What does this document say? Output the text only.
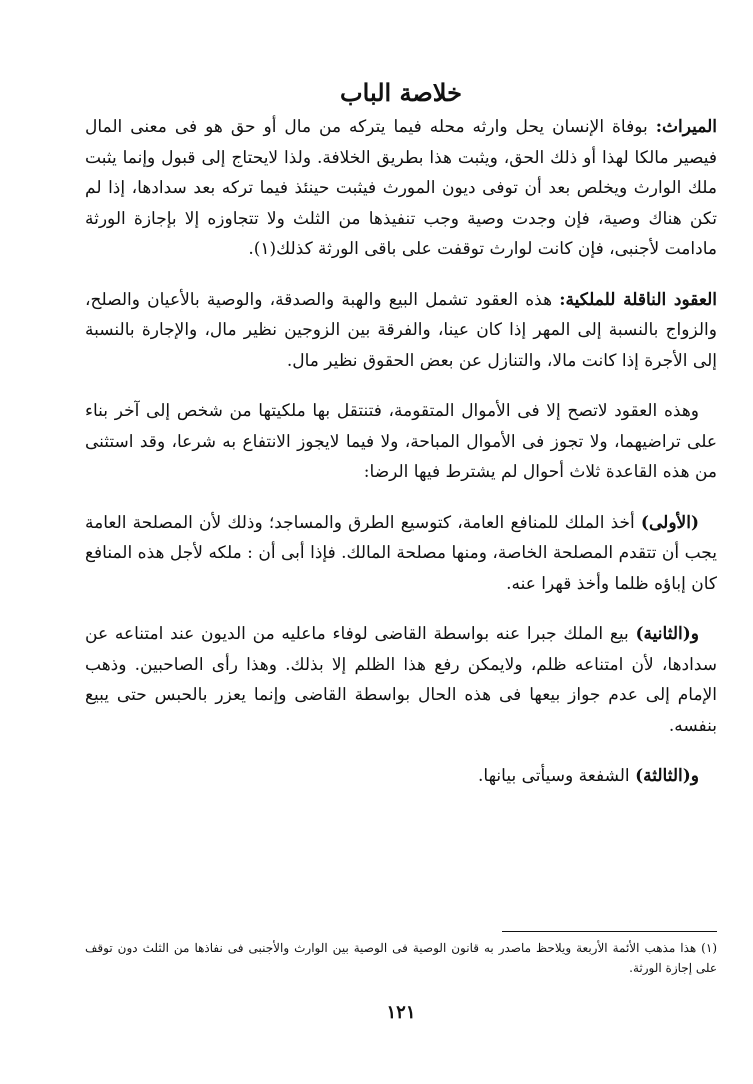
خلاصة الباب

الميراث: بوفاة الإنسان يحل وارثه محله فيما يتركه من مال أو حق هو فى معنى المال فيصير مالكا لهذا أو ذلك الحق، ويثبت هذا بطريق الخلافة. ولذا لايحتاج إلى قبول وإنما يثبت ملك الوارث ويخلص بعد أن توفى ديون المورث فيثبت حينئذ فيما تركه بعد سدادها، إذا لم تكن هناك وصية، فإن وجدت وصية وجب تنفيذها من الثلث ولا تتجاوزه إلا بإجازة الورثة مادامت لأجنبى، فإن كانت لوارث توقفت على باقى الورثة كذلك(١).

العقود الناقلة للملكية: هذه العقود تشمل البيع والهبة والصدقة، والوصية بالأعيان والصلح، والزواج بالنسبة إلى المهر إذا كان عينا، والفرقة بين الزوجين نظير مال، والإجارة بالنسبة إلى الأجرة إذا كانت مالا، والتنازل عن بعض الحقوق نظير مال.

وهذه العقود لاتصح إلا فى الأموال المتقومة، فتنتقل بها ملكيتها من شخص إلى آخر بناء على تراضيهما، ولا تجوز فى الأموال المباحة، ولا فيما لايجوز الانتفاع به شرعا، وقد استثنى من هذه القاعدة ثلاث أحوال لم يشترط فيها الرضا:

(الأولى) أخذ الملك للمنافع العامة، كتوسيع الطرق والمساجد؛ وذلك لأن المصلحة العامة يجب أن تتقدم المصلحة الخاصة، ومنها مصلحة المالك. فإذا أبى أن : ملكه لأجل هذه المنافع كان إباؤه ظلما وأخذ قهرا عنه.

و(الثانية) بيع الملك جبرا عنه بواسطة القاضى لوفاء ماعليه من الديون عند امتناعه عن سدادها، لأن امتناعه ظلم، ولايمكن رفع هذا الظلم إلا بذلك. وهذا رأى الصاحبين. وذهب الإمام إلى عدم جواز بيعها فى هذه الحال بواسطة القاضى وإنما يعزر بالحبس حتى يبيع بنفسه.

و(الثالثة) الشفعة وسيأتى بيانها.

(١) هذا مذهب الأئمة الأربعة ويلاحظ ماصدر به قانون الوصية فى الوصية بين الوارث والأجنبى فى نفاذها من الثلث دون توقف على إجازة الورثة.

١٢١
